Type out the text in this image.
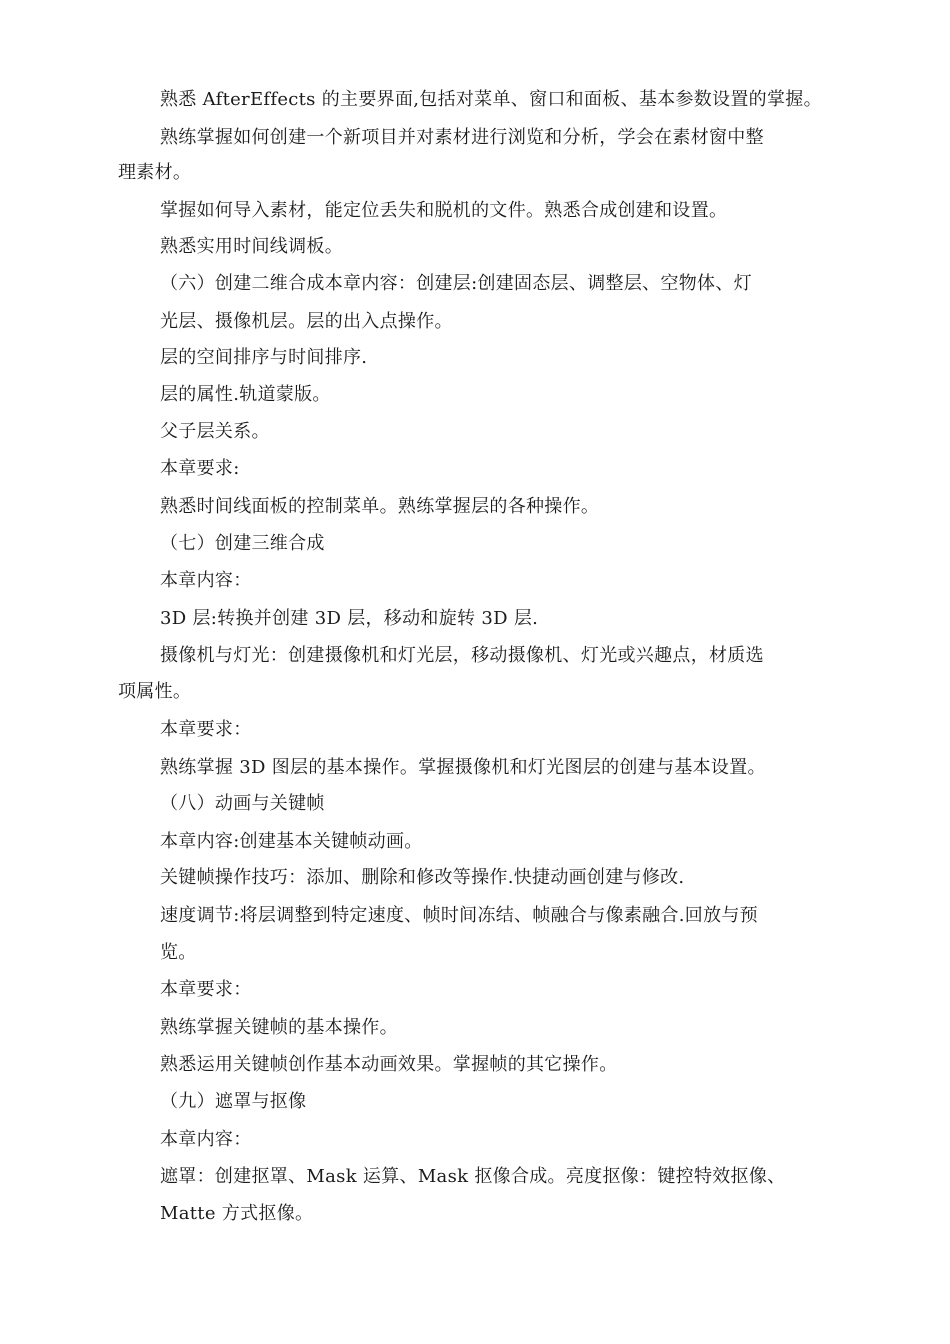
熟悉 AfterEffects 的主要界面,包括对菜单、窗口和面板、基本参数设置的掌握。
熟练掌握如何创建一个新项目并对素材进行浏览和分析，学会在素材窗中整
理素材。
掌握如何导入素材，能定位丢失和脱机的文件。熟悉合成创建和设置。
熟悉实用时间线调板。
（六）创建二维合成本章内容：创建层:创建固态层、调整层、空物体、灯
光层、摄像机层。层的出入点操作。
层的空间排序与时间排序.
层的属性.轨道蒙版。
父子层关系。
本章要求:
熟悉时间线面板的控制菜单。熟练掌握层的各种操作。
（七）创建三维合成
本章内容：
3D 层:转换并创建 3D 层，移动和旋转 3D 层.
摄像机与灯光：创建摄像机和灯光层，移动摄像机、灯光或兴趣点，材质选
项属性。
本章要求：
熟练掌握 3D 图层的基本操作。掌握摄像机和灯光图层的创建与基本设置。
（八）动画与关键帧
本章内容:创建基本关键帧动画。
关键帧操作技巧：添加、删除和修改等操作.快捷动画创建与修改.
速度调节:将层调整到特定速度、帧时间冻结、帧融合与像素融合.回放与预
览。
本章要求：
熟练掌握关键帧的基本操作。
熟悉运用关键帧创作基本动画效果。掌握帧的其它操作。
（九）遮罩与抠像
本章内容：
遮罩：创建抠罩、Mask 运算、Mask 抠像合成。亮度抠像：键控特效抠像、
Matte 方式抠像。
